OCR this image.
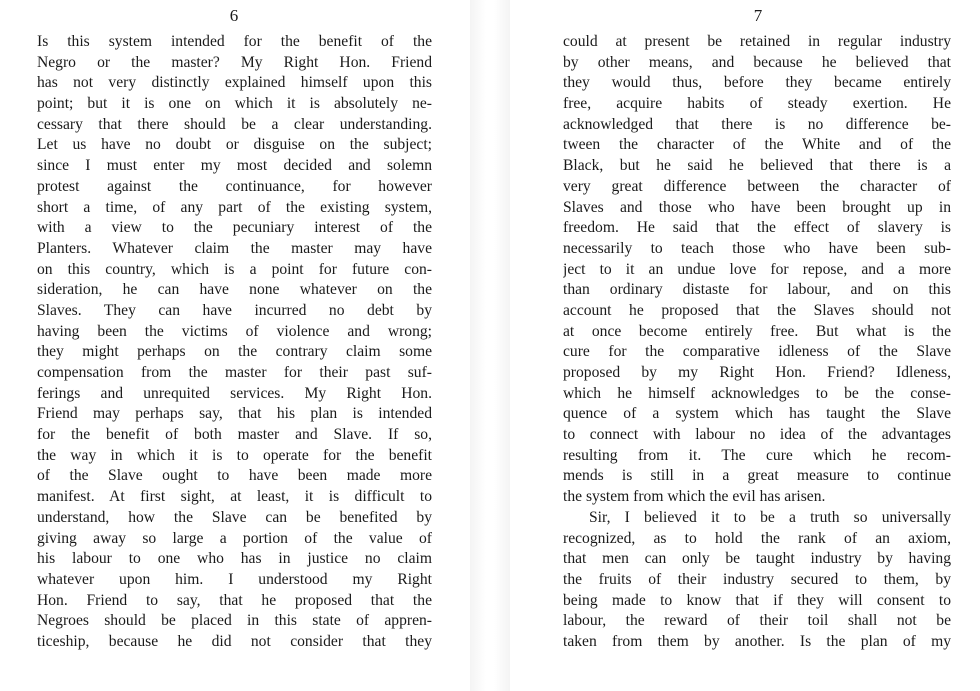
6
Is this system intended for the benefit of the
Negro or the master? My Right Hon. Friend
has not very distinctly explained himself upon this
point; but it is one on which it is absolutely ne-
cessary that there should be a clear understanding.
Let us have no doubt or disguise on the subject;
since I must enter my most decided and solemn
protest against the continuance, for however
short a time, of any part of the existing system,
with a view to the pecuniary interest of the
Planters. Whatever claim the master may have
on this country, which is a point for future con-
sideration, he can have none whatever on the
Slaves. They can have incurred no debt by
having been the victims of violence and wrong;
they might perhaps on the contrary claim some
compensation from the master for their past suf-
ferings and unrequited services. My Right Hon.
Friend may perhaps say, that his plan is intended
for the benefit of both master and Slave. If so,
the way in which it is to operate for the benefit
of the Slave ought to have been made more
manifest. At first sight, at least, it is difficult to
understand, how the Slave can be benefited by
giving away so large a portion of the value of
his labour to one who has in justice no claim
whatever upon him. I understood my Right
Hon. Friend to say, that he proposed that the
Negroes should be placed in this state of appren-
ticeship, because he did not consider that they
7
could at present be retained in regular industry
by other means, and because he believed that
they would thus, before they became entirely
free, acquire habits of steady exertion. He
acknowledged that there is no difference be-
tween the character of the White and of the
Black, but he said he believed that there is a
very great difference between the character of
Slaves and those who have been brought up in
freedom. He said that the effect of slavery is
necessarily to teach those who have been sub-
ject to it an undue love for repose, and a more
than ordinary distaste for labour, and on this
account he proposed that the Slaves should not
at once become entirely free. But what is the
cure for the comparative idleness of the Slave
proposed by my Right Hon. Friend? Idleness,
which he himself acknowledges to be the conse-
quence of a system which has taught the Slave
to connect with labour no idea of the advantages
resulting from it. The cure which he recom-
mends is still in a great measure to continue
the system from which the evil has arisen.
Sir, I believed it to be a truth so universally
recognized, as to hold the rank of an axiom,
that men can only be taught industry by having
the fruits of their industry secured to them, by
being made to know that if they will consent to
labour, the reward of their toil shall not be
taken from them by another. Is the plan of my
